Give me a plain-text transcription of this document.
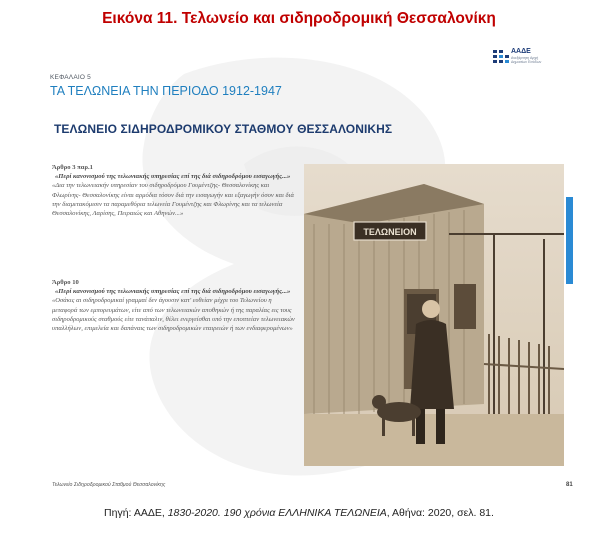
Εικόνα 11. Τελωνείο και σιδηροδρομική Θεσσαλονίκη
ΑΑΔΕ
Ανεξάρτητη Αρχή
Δημοσίων Εσόδων
ΚΕΦΑΛΑΙΟ 5
ΤΑ ΤΕΛΩΝΕΙΑ ΤΗΝ ΠΕΡΙΟΔΟ 1912-1947
ΤΕΛΩΝΕΙΟ ΣΙΔΗΡΟΔΡΟΜΙΚΟΥ ΣΤΑΘΜΟΥ ΘΕΣΣΑΛΟΝΙΚΗΣ
Άρθρο 3 παρ.1
«Περί κανονισμού της τελωνιακής υπηρεσίας επί της διά σιδηροδρόμου εισαγωγής...»
«Δια την τελωνειακήν υπηρεσίαν του σιδηροδρόμου Γουμέντζης- Θεσσαλονίκης και Φλωρίνης- Θεσσαλονίκης είναι αρμόδια τόσον διά την εισαγωγήν και εξαγωγήν όσον και διά την διαμετακόμισιν τα παραμεθόρια τελωνεία Γουμέντζης και Φλωρίνης και τα τελωνεία Θεσσαλονίκης, Λαρίσης, Πειραιώς και Αθηνών...»
Άρθρο 10
«Περί κανονισμού της τελωνιακής υπηρεσίας επί της διά σιδηροδρόμου εισαγωγής...»
«Οσάκις αι σιδηροδρομικαί γραμμαί δεν άγουσιν κατ' ευθείαν μέχρι του Τελωνείου η μεταφορά των εμπορευμάτων, είτε από των τελωνειακών αποθηκών ή της παραλίας εις τους σιδηροδρομικούς σταθμούς είτε τανάπαλιν, θέλει ενεργείσθαι υπό την εποπτείαν τελωνειακών υπαλλήλων, επιμελεία και δαπάναις των σιδηροδρομικών εταιρειών ή των ενδιαφερομένων»
ΤΕΛΩΝΕΙΟΝ
Τελωνείο Σιδηροδρομικού Σταθμού Θεσσαλονίκης	81
Πηγή: ΑΑΔΕ, 1830-2020. 190 χρόνια ΕΛΛΗΝΙΚΑ ΤΕΛΩΝΕΙΑ, Αθήνα: 2020, σελ. 81.
